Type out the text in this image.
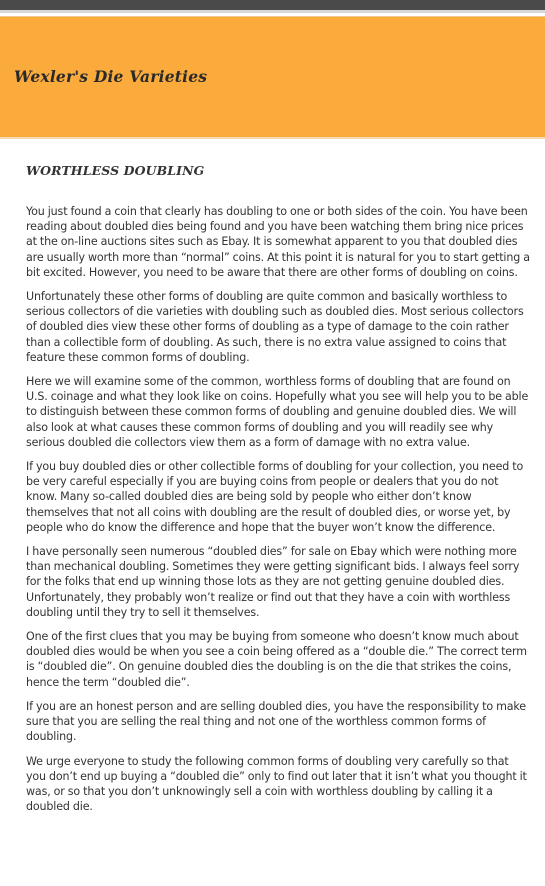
Wexler's Die Varieties
WORTHLESS DOUBLING

You just found a coin that clearly has doubling to one or both sides of the coin. You have been reading about doubled dies being found and you have been watching them bring nice prices at the on-line auctions sites such as Ebay. It is somewhat apparent to you that doubled dies are usually worth more than “normal” coins. At this point it is natural for you to start getting a bit excited. However, you need to be aware that there are other forms of doubling on coins.

Unfortunately these other forms of doubling are quite common and basically worthless to serious collectors of die varieties with doubling such as doubled dies. Most serious collectors of doubled dies view these other forms of doubling as a type of damage to the coin rather than a collectible form of doubling. As such, there is no extra value assigned to coins that feature these common forms of doubling.

Here we will examine some of the common, worthless forms of doubling that are found on U.S. coinage and what they look like on coins. Hopefully what you see will help you to be able to distinguish between these common forms of doubling and genuine doubled dies. We will also look at what causes these common forms of doubling and you will readily see why serious doubled die collectors view them as a form of damage with no extra value.

If you buy doubled dies or other collectible forms of doubling for your collection, you need to be very careful especially if you are buying coins from people or dealers that you do not know. Many so-called doubled dies are being sold by people who either don’t know themselves that not all coins with doubling are the result of doubled dies, or worse yet, by people who do know the difference and hope that the buyer won’t know the difference.

I have personally seen numerous “doubled dies” for sale on Ebay which were nothing more than mechanical doubling. Sometimes they were getting significant bids. I always feel sorry for the folks that end up winning those lots as they are not getting genuine doubled dies. Unfortunately, they probably won’t realize or find out that they have a coin with worthless doubling until they try to sell it themselves.

One of the first clues that you may be buying from someone who doesn’t know much about doubled dies would be when you see a coin being offered as a “double die.” The correct term is “doubled die”. On genuine doubled dies the doubling is on the die that strikes the coins, hence the term “doubled die”.

If you are an honest person and are selling doubled dies, you have the responsibility to make sure that you are selling the real thing and not one of the worthless common forms of doubling.

We urge everyone to study the following common forms of doubling very carefully so that you don’t end up buying a “doubled die” only to find out later that it isn’t what you thought it was, or so that you don’t unknowingly sell a coin with worthless doubling by calling it a doubled die.
